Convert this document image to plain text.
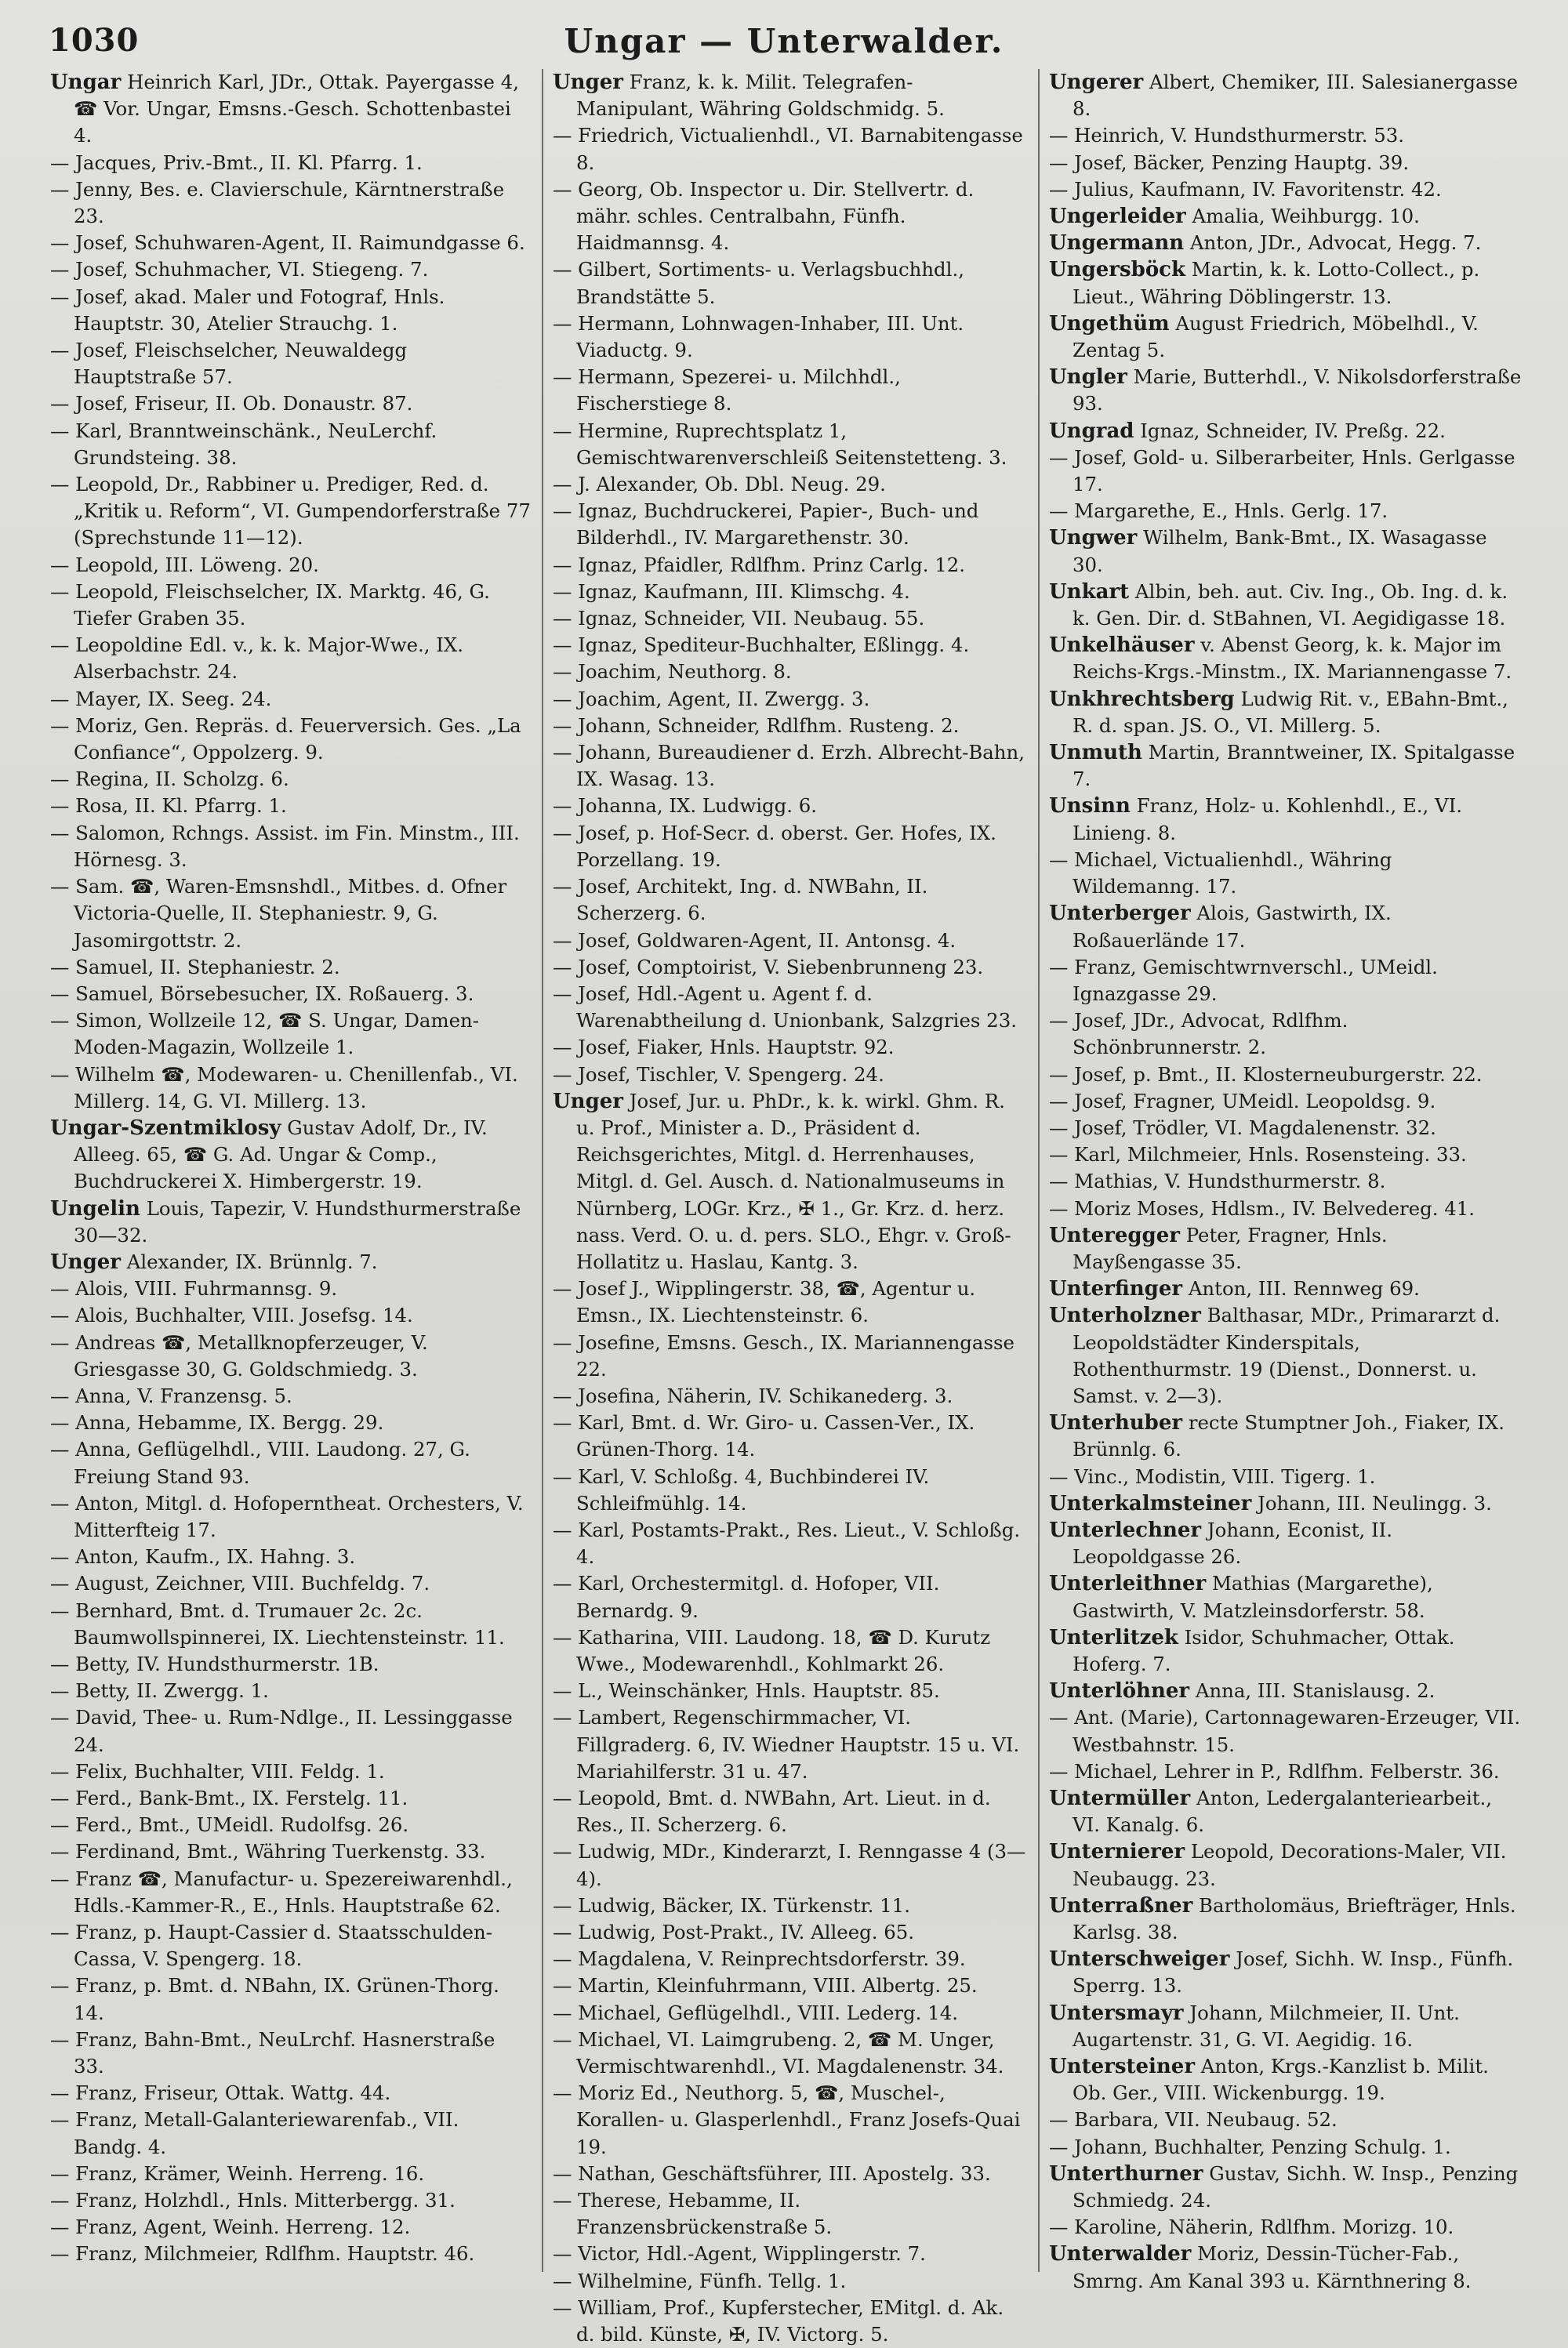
1030	Ungar — Unterwalder.

Ungar Heinrich Karl, JDr., Ottak. Payergasse 4, ☎ Vor. Ungar, Emsns.-Gesch. Schottenbastei 4.

— Jacques, Priv.-Bmt., II. Kl. Pfarrg. 1.

— Jenny, Bes. e. Clavierschule, Kärntnerstraße 23.

— Josef, Schuhwaren-Agent, II. Raimundgasse 6.

— Josef, Schuhmacher, VI. Stiegeng. 7.

— Josef, akad. Maler und Fotograf, Hnls. Hauptstr. 30, Atelier Strauchg. 1.

— Josef, Fleischselcher, Neuwaldegg Hauptstraße 57.

— Josef, Friseur, II. Ob. Donaustr. 87.

— Karl, Branntweinschänk., NeuLerchf. Grundsteing. 38.

— Leopold, Dr., Rabbiner u. Prediger, Red. d. „Kritik u. Reform“, VI. Gumpendorferstraße 77 (Sprechstunde 11—12).

— Leopold, III. Löweng. 20.

— Leopold, Fleischselcher, IX. Marktg. 46, G. Tiefer Graben 35.

— Leopoldine Edl. v., k. k. Major-Wwe., IX. Alserbachstr. 24.

— Mayer, IX. Seeg. 24.

— Moriz, Gen. Repräs. d. Feuerversich. Ges. „La Confiance“, Oppolzerg. 9.

— Regina, II. Scholzg. 6.

— Rosa, II. Kl. Pfarrg. 1.

— Salomon, Rchngs. Assist. im Fin. Minstm., III. Hörnesg. 3.

— Sam. ☎, Waren-Emsnshdl., Mitbes. d. Ofner Victoria-Quelle, II. Stephaniestr. 9, G. Jasomirgottstr. 2.

— Samuel, II. Stephaniestr. 2.

— Samuel, Börsebesucher, IX. Roßauerg. 3.

— Simon, Wollzeile 12, ☎ S. Ungar, Damen-Moden-Magazin, Wollzeile 1.

— Wilhelm ☎, Modewaren- u. Chenillenfab., VI. Millerg. 14, G. VI. Millerg. 13.

Ungar-Szentmiklosy Gustav Adolf, Dr., IV. Alleeg. 65, ☎ G. Ad. Ungar & Comp., Buchdruckerei X. Himbergerstr. 19.

Ungelin Louis, Tapezir, V. Hundsthurmerstraße 30—32.

Unger Alexander, IX. Brünnlg. 7.

— Alois, VIII. Fuhrmannsg. 9.

— Alois, Buchhalter, VIII. Josefsg. 14.

— Andreas ☎, Metallknopferzeuger, V. Griesgasse 30, G. Goldschmiedg. 3.

— Anna, V. Franzensg. 5.

— Anna, Hebamme, IX. Bergg. 29.

— Anna, Geflügelhdl., VIII. Laudong. 27, G. Freiung Stand 93.

— Anton, Mitgl. d. Hofoperntheat. Orchesters, V. Mitterfteig 17.

— Anton, Kaufm., IX. Hahng. 3.

— August, Zeichner, VIII. Buchfeldg. 7.

— Bernhard, Bmt. d. Trumauer 2c. 2c. Baumwollspinnerei, IX. Liechtensteinstr. 11.

— Betty, IV. Hundsthurmerstr. 1B.

— Betty, II. Zwergg. 1.

— David, Thee- u. Rum-Ndlge., II. Lessinggasse 24.

— Felix, Buchhalter, VIII. Feldg. 1.

— Ferd., Bank-Bmt., IX. Ferstelg. 11.

— Ferd., Bmt., UMeidl. Rudolfsg. 26.

— Ferdinand, Bmt., Währing Tuerkenstg. 33.

— Franz ☎, Manufactur- u. Spezereiwarenhdl., Hdls.-Kammer-R., E., Hnls. Hauptstraße 62.

— Franz, p. Haupt-Cassier d. Staatsschulden-Cassa, V. Spengerg. 18.

— Franz, p. Bmt. d. NBahn, IX. Grünen-Thorg. 14.

— Franz, Bahn-Bmt., NeuLrchf. Hasnerstraße 33.

— Franz, Friseur, Ottak. Wattg. 44.

— Franz, Metall-Galanteriewarenfab., VII. Bandg. 4.

— Franz, Krämer, Weinh. Herreng. 16.

— Franz, Holzhdl., Hnls. Mitterbergg. 31.

— Franz, Agent, Weinh. Herreng. 12.

— Franz, Milchmeier, Rdlfhm. Hauptstr. 46.

Unger Franz, k. k. Milit. Telegrafen-Manipulant, Währing Goldschmidg. 5.

— Friedrich, Victualienhdl., VI. Barnabitengasse 8.

— Georg, Ob. Inspector u. Dir. Stellvertr. d. mähr. schles. Centralbahn, Fünfh. Haidmannsg. 4.

— Gilbert, Sortiments- u. Verlagsbuchhdl., Brandstätte 5.

— Hermann, Lohnwagen-Inhaber, III. Unt. Viaductg. 9.

— Hermann, Spezerei- u. Milchhdl., Fischerstiege 8.

— Hermine, Ruprechtsplatz 1, Gemischtwarenverschleiß Seitenstetteng. 3.

— J. Alexander, Ob. Dbl. Neug. 29.

— Ignaz, Buchdruckerei, Papier-, Buch- und Bilderhdl., IV. Margarethenstr. 30.

— Ignaz, Pfaidler, Rdlfhm. Prinz Carlg. 12.

— Ignaz, Kaufmann, III. Klimschg. 4.

— Ignaz, Schneider, VII. Neubaug. 55.

— Ignaz, Spediteur-Buchhalter, Eßlingg. 4.

— Joachim, Neuthorg. 8.

— Joachim, Agent, II. Zwergg. 3.

— Johann, Schneider, Rdlfhm. Rusteng. 2.

— Johann, Bureaudiener d. Erzh. Albrecht-Bahn, IX. Wasag. 13.

— Johanna, IX. Ludwigg. 6.

— Josef, p. Hof-Secr. d. oberst. Ger. Hofes, IX. Porzellang. 19.

— Josef, Architekt, Ing. d. NWBahn, II. Scherzerg. 6.

— Josef, Goldwaren-Agent, II. Antonsg. 4.

— Josef, Comptoirist, V. Siebenbrunneng 23.

— Josef, Hdl.-Agent u. Agent f. d. Warenabtheilung d. Unionbank, Salzgries 23.

— Josef, Fiaker, Hnls. Hauptstr. 92.

— Josef, Tischler, V. Spengerg. 24.

Unger Josef, Jur. u. PhDr., k. k. wirkl. Ghm. R. u. Prof., Minister a. D., Präsident d. Reichsgerichtes, Mitgl. d. Herrenhauses, Mitgl. d. Gel. Ausch. d. Nationalmuseums in Nürnberg, LOGr. Krz., ✠ 1., Gr. Krz. d. herz. nass. Verd. O. u. d. pers. SLO., Ehgr. v. Groß-Hollatitz u. Haslau, Kantg. 3.

— Josef J., Wipplingerstr. 38, ☎, Agentur u. Emsn., IX. Liechtensteinstr. 6.

— Josefine, Emsns. Gesch., IX. Mariannengasse 22.

— Josefina, Näherin, IV. Schikanederg. 3.

— Karl, Bmt. d. Wr. Giro- u. Cassen-Ver., IX. Grünen-Thorg. 14.

— Karl, V. Schloßg. 4, Buchbinderei IV. Schleifmühlg. 14.

— Karl, Postamts-Prakt., Res. Lieut., V. Schloßg. 4.

— Karl, Orchestermitgl. d. Hofoper, VII. Bernardg. 9.

— Katharina, VIII. Laudong. 18, ☎ D. Kurutz Wwe., Modewarenhdl., Kohlmarkt 26.

— L., Weinschänker, Hnls. Hauptstr. 85.

— Lambert, Regenschirmmacher, VI. Fillgraderg. 6, IV. Wiedner Hauptstr. 15 u. VI. Mariahilferstr. 31 u. 47.

— Leopold, Bmt. d. NWBahn, Art. Lieut. in d. Res., II. Scherzerg. 6.

— Ludwig, MDr., Kinderarzt, I. Renngasse 4 (3—4).

— Ludwig, Bäcker, IX. Türkenstr. 11.

— Ludwig, Post-Prakt., IV. Alleeg. 65.

— Magdalena, V. Reinprechtsdorferstr. 39.

— Martin, Kleinfuhrmann, VIII. Albertg. 25.

— Michael, Geflügelhdl., VIII. Lederg. 14.

— Michael, VI. Laimgrubeng. 2, ☎ M. Unger, Vermischtwarenhdl., VI. Magdalenenstr. 34.

— Moriz Ed., Neuthorg. 5, ☎, Muschel-, Korallen- u. Glasperlenhdl., Franz Josefs-Quai 19.

— Nathan, Geschäftsführer, III. Apostelg. 33.

— Therese, Hebamme, II. Franzensbrückenstraße 5.

— Victor, Hdl.-Agent, Wipplingerstr. 7.

— Wilhelmine, Fünfh. Tellg. 1.

— William, Prof., Kupferstecher, EMitgl. d. Ak. d. bild. Künste, ✠, IV. Victorg. 5.

Ungerer Albert, Chemiker, III. Salesianergasse 8.

— Heinrich, V. Hundsthurmerstr. 53.

— Josef, Bäcker, Penzing Hauptg. 39.

— Julius, Kaufmann, IV. Favoritenstr. 42.

Ungerleider Amalia, Weihburgg. 10.

Ungermann Anton, JDr., Advocat, Hegg. 7.

Ungersböck Martin, k. k. Lotto-Collect., p. Lieut., Währing Döblingerstr. 13.

Ungethüm August Friedrich, Möbelhdl., V. Zentag 5.

Ungler Marie, Butterhdl., V. Nikolsdorferstraße 93.

Ungrad Ignaz, Schneider, IV. Preßg. 22.

— Josef, Gold- u. Silberarbeiter, Hnls. Gerlgasse 17.

— Margarethe, E., Hnls. Gerlg. 17.

Ungwer Wilhelm, Bank-Bmt., IX. Wasagasse 30.

Unkart Albin, beh. aut. Civ. Ing., Ob. Ing. d. k. k. Gen. Dir. d. StBahnen, VI. Aegidigasse 18.

Unkelhäuser v. Abenst Georg, k. k. Major im Reichs-Krgs.-Minstm., IX. Mariannengasse 7.

Unkhrechtsberg Ludwig Rit. v., EBahn-Bmt., R. d. span. JS. O., VI. Millerg. 5.

Unmuth Martin, Branntweiner, IX. Spitalgasse 7.

Unsinn Franz, Holz- u. Kohlenhdl., E., VI. Linieng. 8.

— Michael, Victualienhdl., Währing Wildemanng. 17.

Unterberger Alois, Gastwirth, IX. Roßauerlände 17.

— Franz, Gemischtwrnverschl., UMeidl. Ignazgasse 29.

— Josef, JDr., Advocat, Rdlfhm. Schönbrunnerstr. 2.

— Josef, p. Bmt., II. Klosterneuburgerstr. 22.

— Josef, Fragner, UMeidl. Leopoldsg. 9.

— Josef, Trödler, VI. Magdalenenstr. 32.

— Karl, Milchmeier, Hnls. Rosensteing. 33.

— Mathias, V. Hundsthurmerstr. 8.

— Moriz Moses, Hdlsm., IV. Belvedereg. 41.

Unteregger Peter, Fragner, Hnls. Mayßengasse 35.

Unterfinger Anton, III. Rennweg 69.

Unterholzner Balthasar, MDr., Primararzt d. Leopoldstädter Kinderspitals, Rothenthurmstr. 19 (Dienst., Donnerst. u. Samst. v. 2—3).

Unterhuber recte Stumptner Joh., Fiaker, IX. Brünnlg. 6.

— Vinc., Modistin, VIII. Tigerg. 1.

Unterkalmsteiner Johann, III. Neulingg. 3.

Unterlechner Johann, Econist, II. Leopoldgasse 26.

Unterleithner Mathias (Margarethe), Gastwirth, V. Matzleinsdorferstr. 58.

Unterlitzek Isidor, Schuhmacher, Ottak. Hoferg. 7.

Unterlöhner Anna, III. Stanislausg. 2.

— Ant. (Marie), Cartonnagewaren-Erzeuger, VII. Westbahnstr. 15.

— Michael, Lehrer in P., Rdlfhm. Felberstr. 36.

Untermüller Anton, Ledergalanteriearbeit., VI. Kanalg. 6.

Unternierer Leopold, Decorations-Maler, VII. Neubaugg. 23.

Unterraßner Bartholomäus, Briefträger, Hnls. Karlsg. 38.

Unterschweiger Josef, Sichh. W. Insp., Fünfh. Sperrg. 13.

Untersmayr Johann, Milchmeier, II. Unt. Augartenstr. 31, G. VI. Aegidig. 16.

Untersteiner Anton, Krgs.-Kanzlist b. Milit. Ob. Ger., VIII. Wickenburgg. 19.

— Barbara, VII. Neubaug. 52.

— Johann, Buchhalter, Penzing Schulg. 1.

Unterthurner Gustav, Sichh. W. Insp., Penzing Schmiedg. 24.

— Karoline, Näherin, Rdlfhm. Morizg. 10.

Unterwalder Moriz, Dessin-Tücher-Fab., Smrng. Am Kanal 393 u. Kärnthnering 8.
